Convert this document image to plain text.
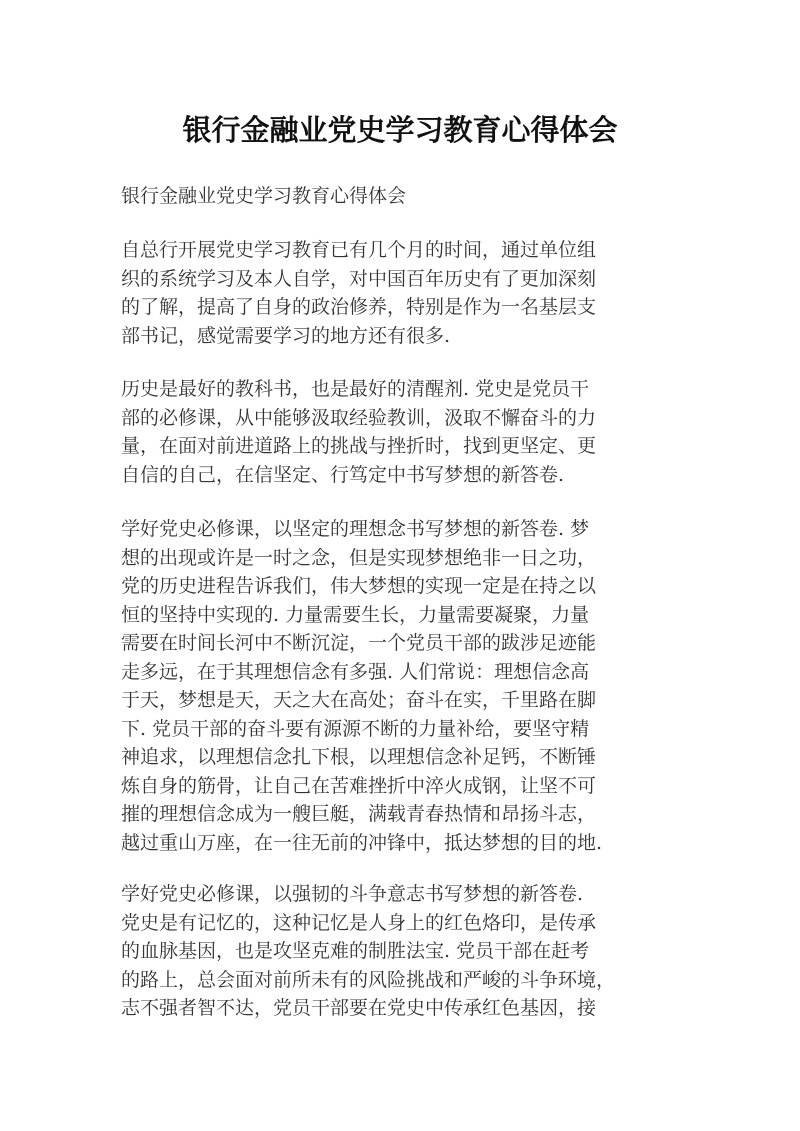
银行金融业党史学习教育心得体会

银行金融业党史学习教育心得体会

自总行开展党史学习教育已有几个月的时间，通过单位组
织的系统学习及本人自学，对中国百年历史有了更加深刻
的了解，提高了自身的政治修养，特别是作为一名基层支
部书记，感觉需要学习的地方还有很多.
历史是最好的教科书，也是最好的清醒剂. 党史是党员干
部的必修课，从中能够汲取经验教训，汲取不懈奋斗的力
量，在面对前进道路上的挑战与挫折时，找到更坚定、更
自信的自己，在信坚定、行笃定中书写梦想的新答卷.
学好党史必修课，以坚定的理想念书写梦想的新答卷. 梦
想的出现或许是一时之念，但是实现梦想绝非一日之功，
党的历史进程告诉我们，伟大梦想的实现一定是在持之以
恒的坚持中实现的. 力量需要生长，力量需要凝聚，力量
需要在时间长河中不断沉淀，一个党员干部的跋涉足迹能
走多远，在于其理想信念有多强. 人们常说：理想信念高
于天，梦想是天，天之大在高处；奋斗在实，千里路在脚
下. 党员干部的奋斗要有源源不断的力量补给，要坚守精
神追求，以理想信念扎下根，以理想信念补足钙，不断锤
炼自身的筋骨，让自己在苦难挫折中淬火成钢，让坚不可
摧的理想信念成为一艘巨艇，满载青春热情和昂扬斗志，
越过重山万座，在一往无前的冲锋中，抵达梦想的目的地.
学好党史必修课，以强韧的斗争意志书写梦想的新答卷.
党史是有记忆的，这种记忆是人身上的红色烙印，是传承
的血脉基因，也是攻坚克难的制胜法宝. 党员干部在赶考
的路上，总会面对前所未有的风险挑战和严峻的斗争环境，
志不强者智不达，党员干部要在党史中传承红色基因，接
